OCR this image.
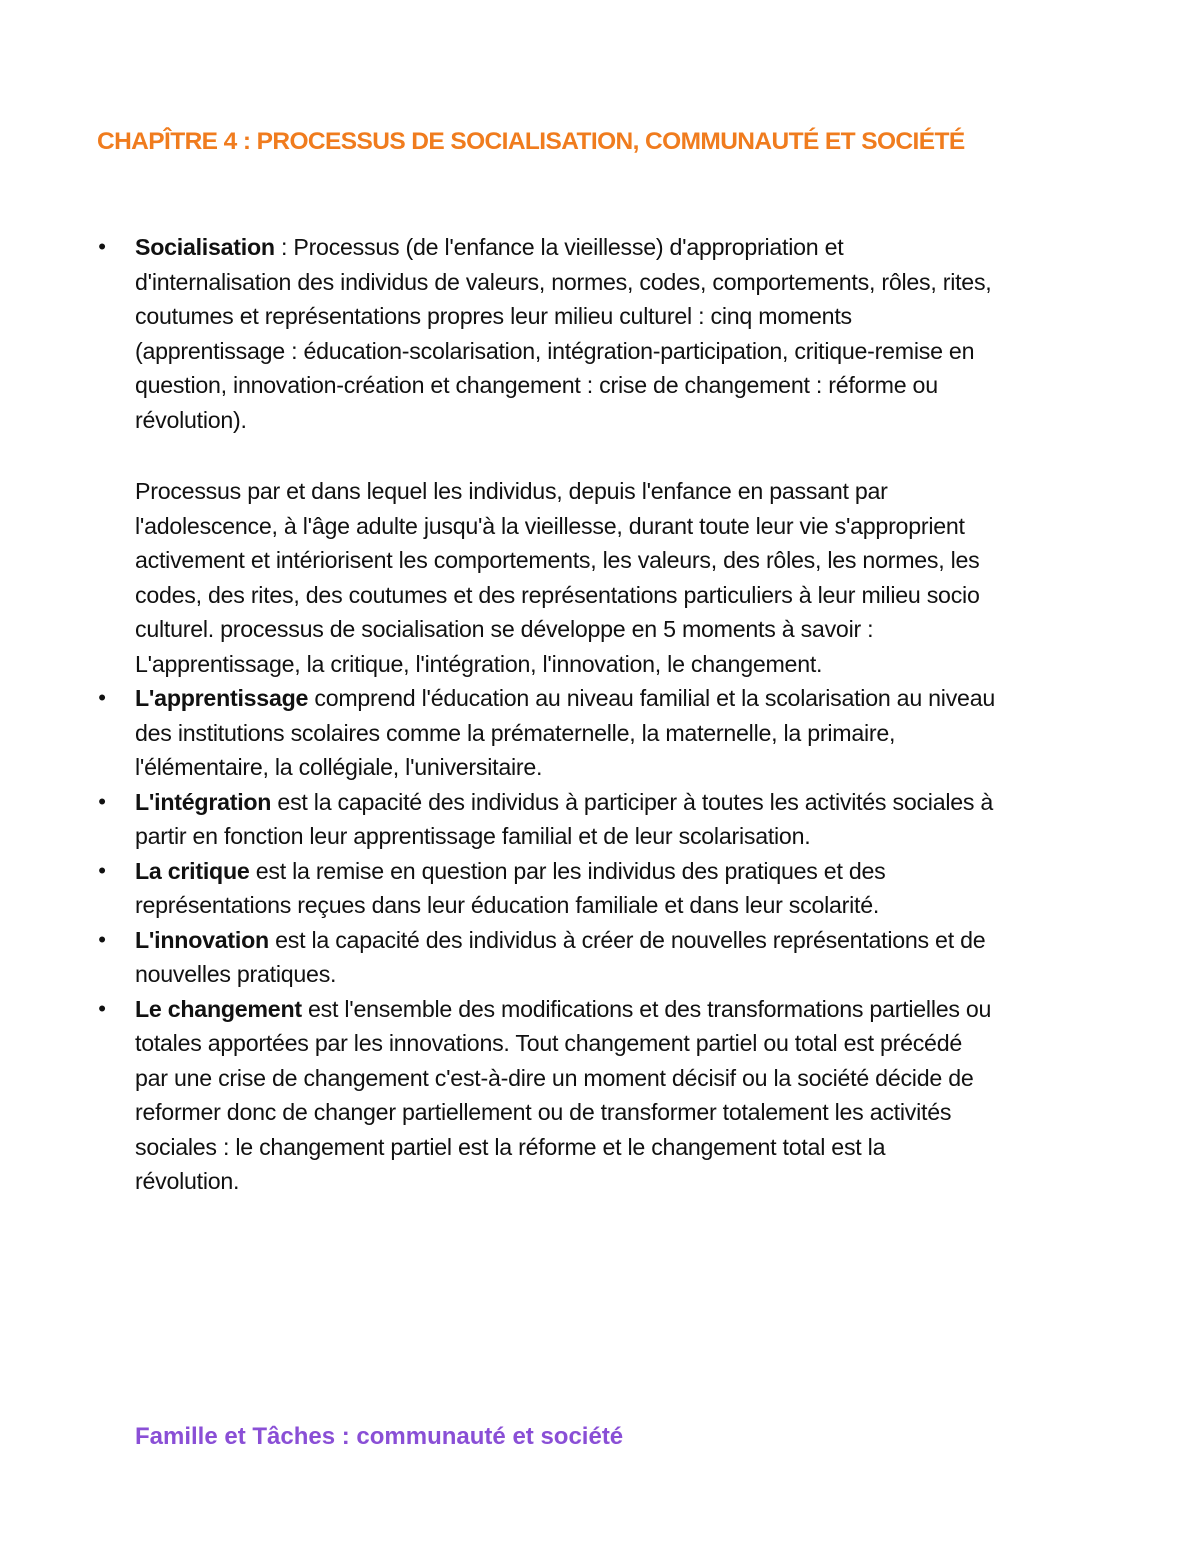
CHAPÎTRE 4 : PROCESSUS DE SOCIALISATION, COMMUNAUTÉ ET SOCIÉTÉ
• Socialisation : Processus (de l'enfance la vieillesse) d'appropriation et d'internalisation des individus de valeurs, normes, codes, comportements, rôles, rites, coutumes et représentations propres leur milieu culturel : cinq moments (apprentissage : éducation-scolarisation, intégration-participation, critique-remise en question, innovation-création et changement : crise de changement : réforme ou révolution).
Processus par et dans lequel les individus, depuis l'enfance en passant par l'adolescence, à l'âge adulte jusqu'à la vieillesse, durant toute leur vie s'approprient activement et intériorisent les comportements, les valeurs, des rôles, les normes, les codes, des rites, des coutumes et des représentations particuliers à leur milieu socio culturel. processus de socialisation se développe en 5 moments à savoir : L'apprentissage, la critique, l'intégration, l'innovation, le changement.
• L'apprentissage comprend l'éducation au niveau familial et la scolarisation au niveau des institutions scolaires comme la prématernelle, la maternelle, la primaire, l'élémentaire, la collégiale, l'universitaire.
• L'intégration est la capacité des individus à participer à toutes les activités sociales à partir en fonction leur apprentissage familial et de leur scolarisation.
• La critique est la remise en question par les individus des pratiques et des représentations reçues dans leur éducation familiale et dans leur scolarité.
• L'innovation est la capacité des individus à créer de nouvelles représentations et de nouvelles pratiques.
• Le changement est l'ensemble des modifications et des transformations partielles ou totales apportées par les innovations. Tout changement partiel ou total est précédé par une crise de changement c'est-à-dire un moment décisif ou la société décide de reformer donc de changer partiellement ou de transformer totalement les activités sociales : le changement partiel est la réforme et le changement total est la révolution.
Famille et Tâches : communauté et société
